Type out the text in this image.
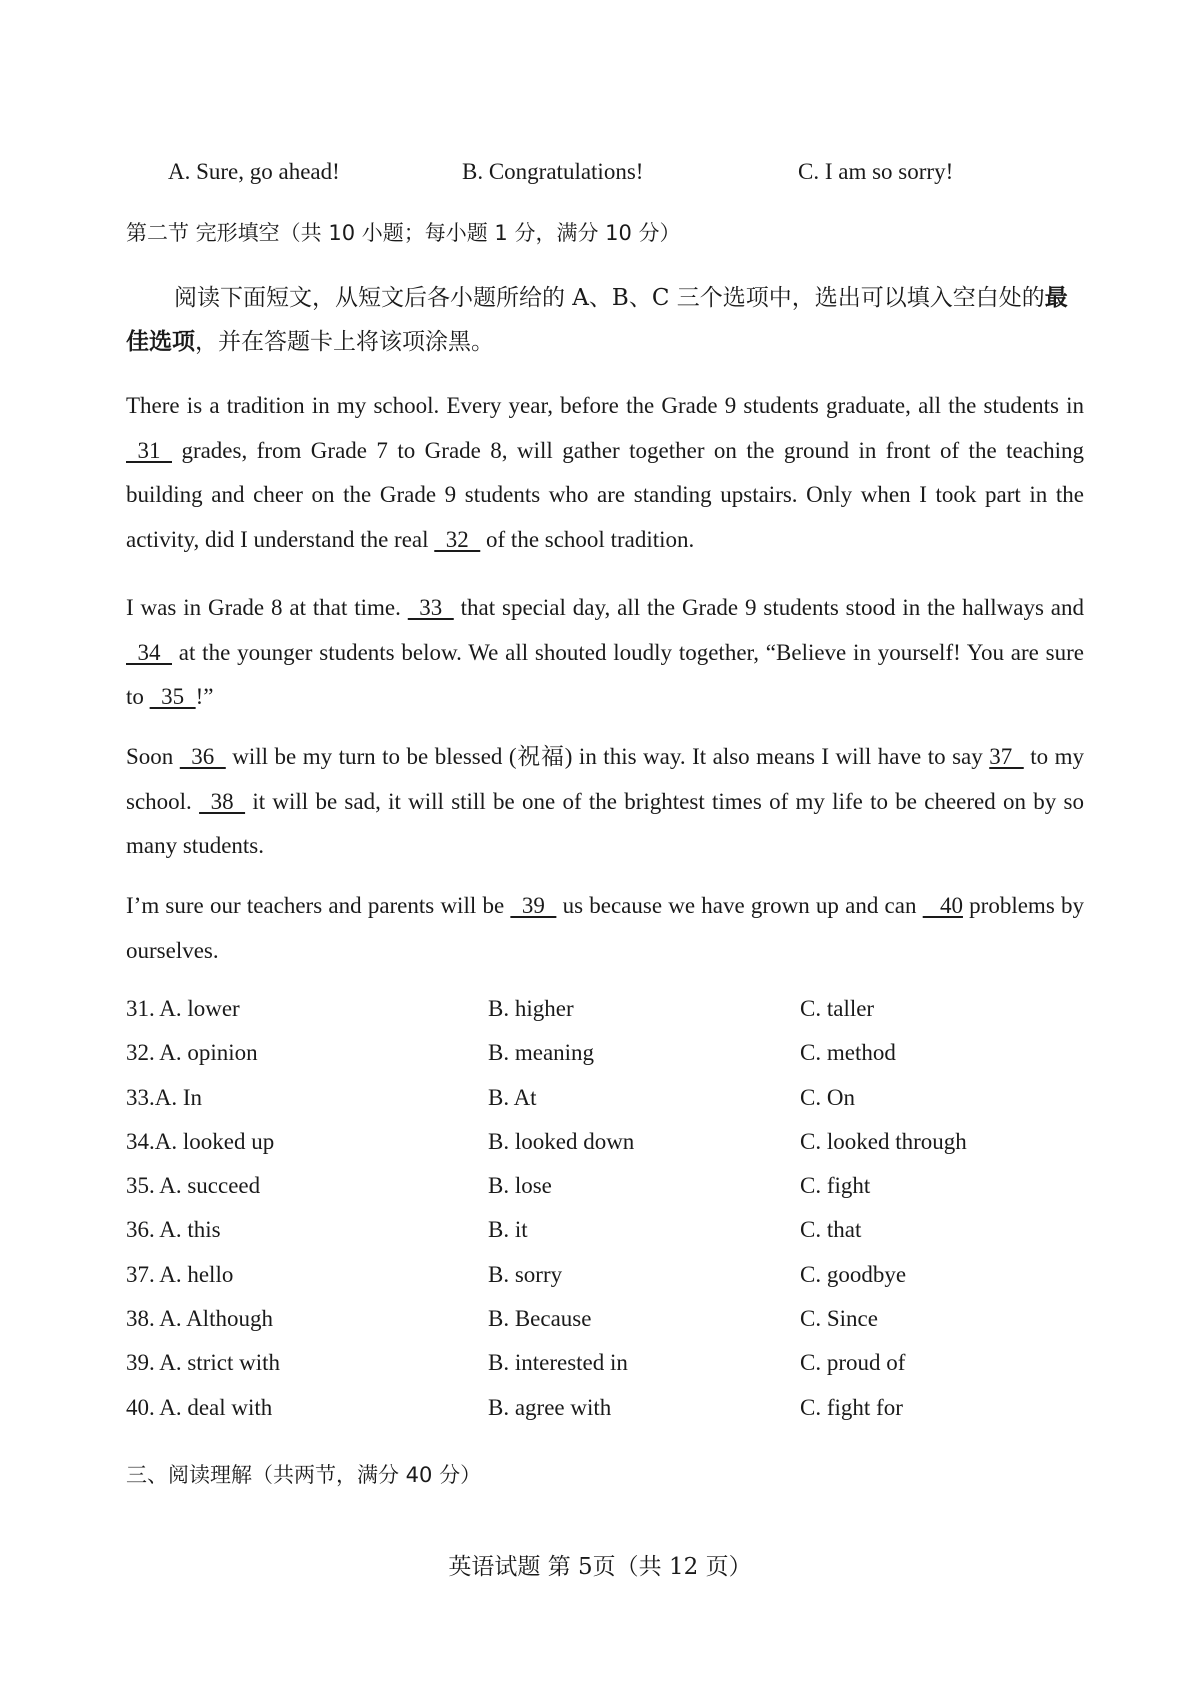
A. Sure, go ahead!	B. Congratulations!	C. I am so sorry!
第二节 完形填空（共 10 小题；每小题 1 分，满分 10 分）
阅读下面短文，从短文后各小题所给的 A、B、C 三个选项中，选出可以填入空白处的最佳选项，并在答题卡上将该项涂黑。
There is a tradition in my school. Every year, before the Grade 9 students graduate, all the students in   31   grades, from Grade 7 to Grade 8, will gather together on the ground in front of the teaching building and cheer on the Grade 9 students who are standing upstairs. Only when I took part in the activity, did I understand the real   32   of the school tradition.
I was in Grade 8 at that time.   33   that special day, all the Grade 9 students stood in the hallways and   34   at the younger students below. We all shouted loudly together, “Believe in yourself! You are sure to   35  !”
Soon   36   will be my turn to be blessed (祝福) in this way. It also means I will have to say 37   to my school.   38   it will be sad, it will still be one of the brightest times of my life to be cheered on by so many students.
I’m sure our teachers and parents will be   39   us because we have grown up and can    40 problems by ourselves.
31. A. lower	B. higher	C. taller
32. A. opinion	B. meaning	C. method
33.A. In	B. At	C. On
34.A. looked up	B. looked down	C. looked through
35. A. succeed	B. lose	C. fight
36. A. this	B. it	C. that
37. A. hello	B. sorry	C. goodbye
38. A. Although	B. Because	C. Since
39. A. strict with	B. interested in	C. proud of
40. A. deal with	B. agree with	C. fight for
三、阅读理解（共两节，满分 40 分）
英语试题 第 5页（共 12 页）
